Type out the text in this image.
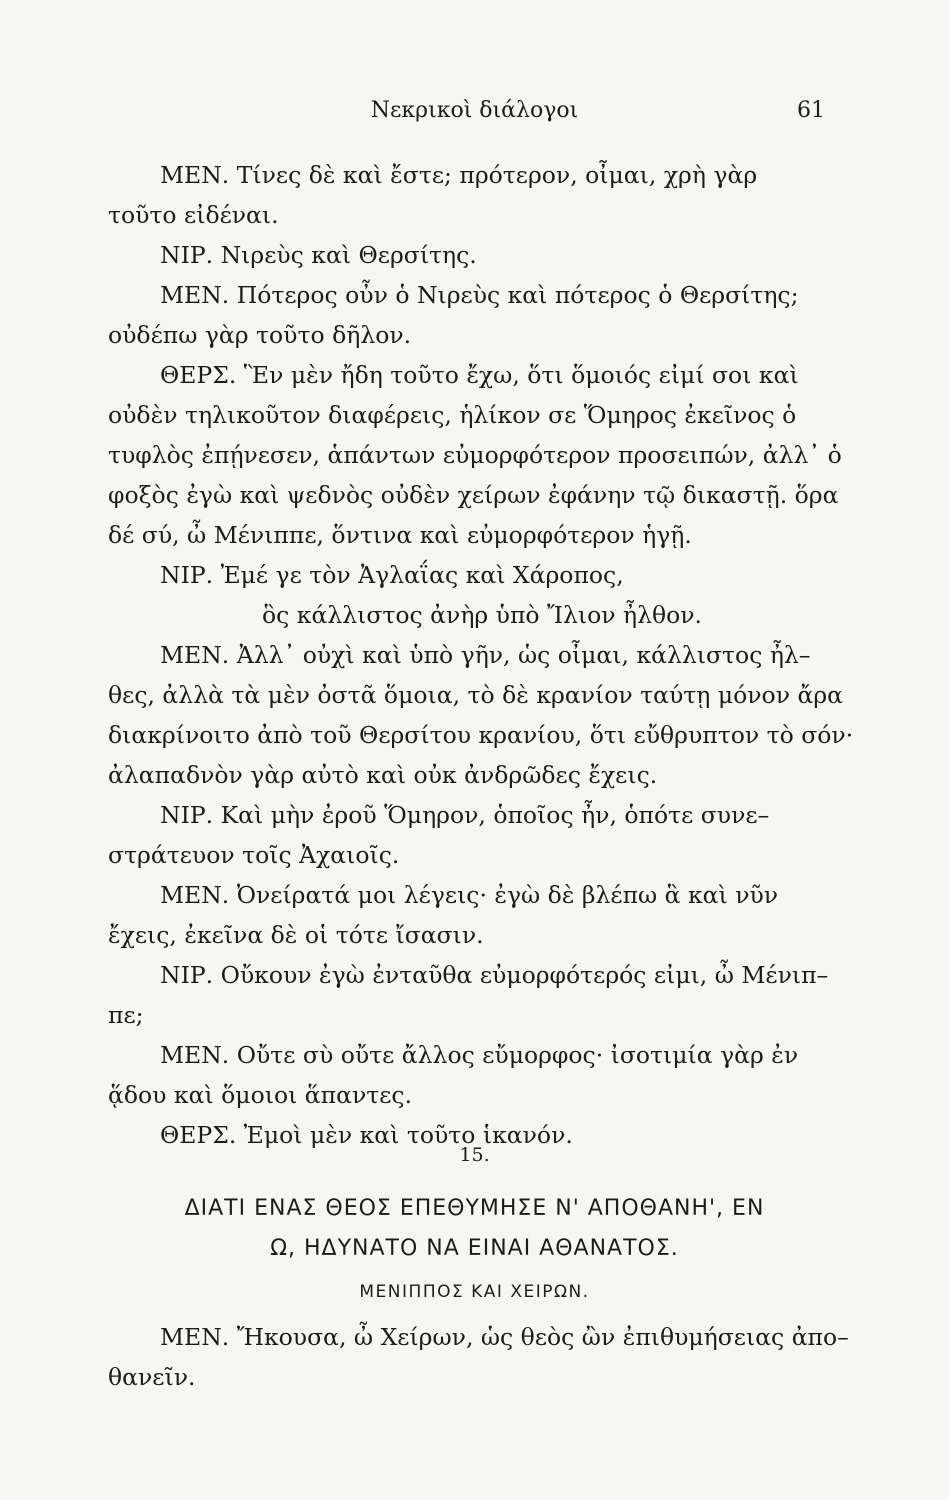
Νεκρικοὶ διάλογοι	61
ΜΕΝ. Τίνες δὲ καὶ ἔστε; πρότερον, οἶμαι, χρὴ γὰρ
τοῦτο εἰδέναι.
ΝΙΡ. Νιρεὺς καὶ Θερσίτης.
ΜΕΝ. Πότερος οὖν ὁ Νιρεὺς καὶ πότερος ὁ Θερσίτης;
οὐδέπω γὰρ τοῦτο δῆλον.
ΘΕΡΣ. Ἓν μὲν ἤδη τοῦτο ἔχω, ὅτι ὅμοιός εἰμί σοι καὶ
οὐδὲν τηλικοῦτον διαφέρεις, ἡλίκον σε Ὅμηρος ἐκεῖνος ὁ
τυφλὸς ἐπῄνεσεν, ἁπάντων εὐμορφότερον προσειπών, ἀλλ᾽ ὁ
φοξὸς ἐγὼ καὶ ψεδνὸς οὐδὲν χείρων ἐφάνην τῷ δικαστῇ. ὅρα
δέ σύ, ὦ Μένιππε, ὅντινα καὶ εὐμορφότερον ἡγῇ.
ΝΙΡ. Ἐμέ γε τὸν Ἀγλαΐας καὶ Χάροπος,
ὃς κάλλιστος ἀνὴρ ὑπὸ Ἴλιον ἦλθον.
ΜΕΝ. Ἀλλ᾽ οὐχὶ καὶ ὑπὸ γῆν, ὡς οἶμαι, κάλλιστος ἦλ–
θες, ἀλλὰ τὰ μὲν ὀστᾶ ὅμοια, τὸ δὲ κρανίον ταύτῃ μόνον ἄρα
διακρίνοιτο ἀπὸ τοῦ Θερσίτου κρανίου, ὅτι εὔθρυπτον τὸ σόν·
ἀλαπαδνὸν γὰρ αὐτὸ καὶ οὐκ ἀνδρῶδες ἔχεις.
ΝΙΡ. Καὶ μὴν ἐροῦ Ὅμηρον, ὁποῖος ἦν, ὁπότε συνε–
στράτευον τοῖς Ἀχαιοῖς.
ΜΕΝ. Ὀνείρατά μοι λέγεις· ἐγὼ δὲ βλέπω ἃ καὶ νῦν
ἔχεις, ἐκεῖνα δὲ οἱ τότε ἴσασιν.
ΝΙΡ. Οὔκουν ἐγὼ ἐνταῦθα εὐμορφότερός εἰμι, ὦ Μένιπ–
πε;
ΜΕΝ. Οὔτε σὺ οὔτε ἄλλος εὔμορφος· ἰσοτιμία γὰρ ἐν
ᾅδου καὶ ὅμοιοι ἅπαντες.
ΘΕΡΣ. Ἐμοὶ μὲν καὶ τοῦτο ἱκανόν.
15.
ΔΙΑΤΙ ΕΝΑΣ ΘΕΟΣ ΕΠΕΘΥΜΗΣΕ Ν' ΑΠΟΘΑΝΗ', ΕΝ
Ω, ΗΔΥΝΑΤΟ ΝΑ ΕΙΝΑΙ ΑΘΑΝΑΤΟΣ.
ΜΕΝΙΠΠΟΣ ΚΑΙ ΧΕΙΡΩΝ.
ΜΕΝ. Ἤκουσα, ὦ Χείρων, ὡς θεὸς ὢν ἐπιθυμήσειας ἀπο–
θανεῖν.
